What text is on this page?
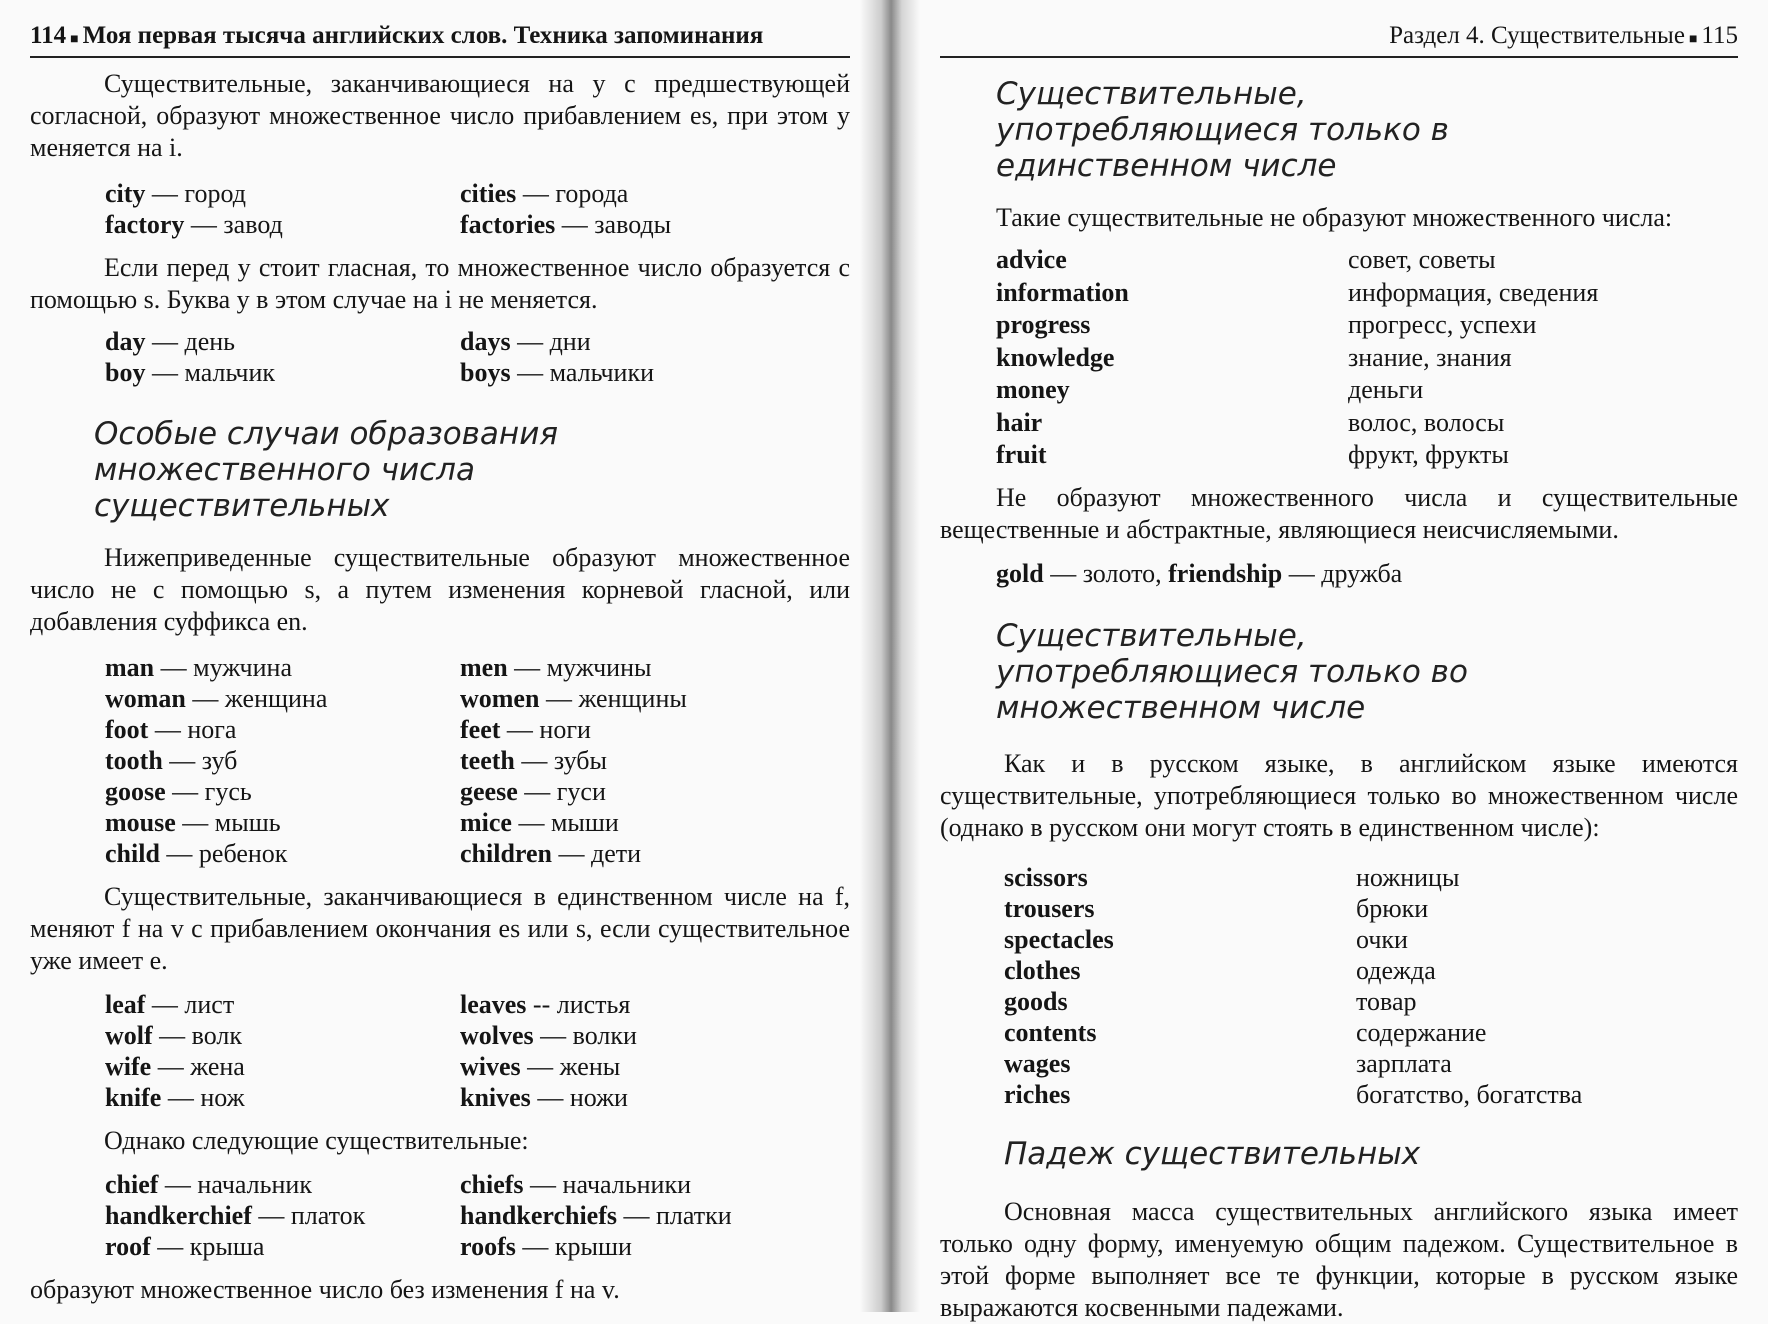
114 ■ Моя первая тысяча английских слов. Техника запоминания

Существительные, заканчивающиеся на y с предшествующей согласной, образуют множественное число прибавлением es, при этом y меняется на i.

city — город	cities — города
factory — завод	factories — заводы

Если перед y стоит гласная, то множественное число образуется с помощью s. Буква y в этом случае на i не меняется.

day — день	days — дни
boy — мальчик	boys — мальчики
Особые случаи образования множественного числа существительных

Нижеприведенные существительные образуют множественное число не с помощью s, а путем изменения корневой гласной, или добавления суффикса en.

man — мужчина	men — мужчины
woman — женщина	women — женщины
foot — нога	feet — ноги
tooth — зуб	teeth — зубы
goose — гусь	geese — гуси
mouse — мышь	mice — мыши
child — ребенок	children — дети

Существительные, заканчивающиеся в единственном числе на f, меняют f на v с прибавлением окончания es или s, если существительное уже имеет e.

leaf — лист	leaves -- листья
wolf — волк	wolves — волки
wife — жена	wives — жены
knife — нож	knives — ножи

Однако следующие существительные:

chief — начальник	chiefs — начальники
handkerchief — платок	handkerchiefs — платки
roof — крыша	roofs — крыши

образуют множественное число без изменения f на v.

Раздел 4. Существительные ■ 115
Существительные, употребляющиеся только в единственном числе

Такие существительные не образуют множественного числа:

advice	совет, советы
information	информация, сведения
progress	прогресс, успехи
knowledge	знание, знания
money	деньги
hair	волос, волосы
fruit	фрукт, фрукты

Не образуют множественного числа и существительные вещественные и абстрактные, являющиеся неисчисляемыми.

gold — золото, friendship — дружба
Существительные, употребляющиеся только во множественном числе

Как и в русском языке, в английском языке имеются существительные, употребляющиеся только во множественном числе (однако в русском они могут стоять в единственном числе):

scissors	ножницы
trousers	брюки
spectacles	очки
clothes	одежда
goods	товар
contents	содержание
wages	зарплата
riches	богатство, богатства
Падеж существительных

Основная масса существительных английского языка имеет только одну форму, именуемую общим падежом. Существительное в этой форме выполняет все те функции, которые в русском языке выражаются косвенными падежами.
